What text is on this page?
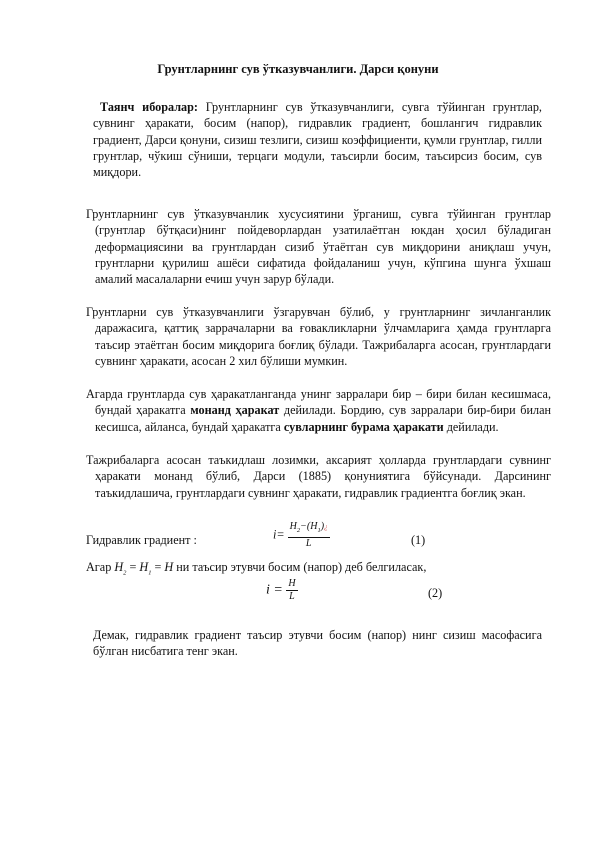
Грунтларнинг сув ўтказувчанлиги. Дарси қонуни
Таянч иборалар: Грунтларнинг сув ўтказувчанлиги, сувга тўйинган грунтлар, сувнинг ҳаракати, босим (напор), гидравлик градиент, бошлангич гидравлик градиент, Дарси қонуни, сизиш тезлиги, сизиш коэффициенти, қумли грунтлар, гилли грунтлар, чўкиш сўниши, терцаги модули, таъсирли босим, таъсирсиз босим, сув миқдори.
Грунтларнинг сув ўтказувчанлик хусусиятини ўрганиш, сувга тўйинган грунтлар (грунтлар бўтқаси)нинг пойдеворлардан узатилаётган юкдан ҳосил бўладиган деформациясини ва грунтлардан сизиб ўтаётган сув миқдорини аниқлаш учун, грунтларни қурилиш ашёси сифатида фойдаланиш учун, кўпгина шунга ўхшаш амалий масалаларни ечиш учун зарур бўлади.
Грунтларни сув ўтказувчанлиги ўзгарувчан бўлиб, у грунтларнинг зичланганлик даражасига, қаттиқ заррачаларни ва ғовакликларни ўлчамларига ҳамда грунтларга таъсир этаётган босим миқдорига боғлиқ бўлади. Тажрибаларга асосан, грунтлардаги сувнинг ҳаракати, асосан 2 хил бўлиши мумкин.
Агарда грунтларда сув ҳаракатланганда унинг зарралари бир – бири билан кесишмаса, бундай ҳаракатга монанд ҳаракат дейилади. Бордию, сув зарралари бир-бири билан кесишса, айланса, бундай ҳаракатга сувларнинг бурама ҳаракати дейилади.
Тажрибаларга асосан таъкидлаш лозимки, аксарият ҳолларда грунтлардаги сувнинг ҳаракати монанд бўлиб, Дарси (1885) қонуниятига бўйсунади. Дарсининг таъкидлашича, грунтлардаги сувнинг ҳаракати, гидравлик градиентга боғлиқ экан.
Гидравлик градиент :	$i= \frac{H_2-(H_1)¿}{L}$	(1)
Агар $H_2 = H_1 = H$ ни таъсир этувчи босим (напор) деб белгиласак,
$i = \frac{H}{L}$	(2)
Демак, гидравлик градиент таъсир этувчи босим (напор) нинг сизиш масофасига бўлган нисбатига тенг экан.
